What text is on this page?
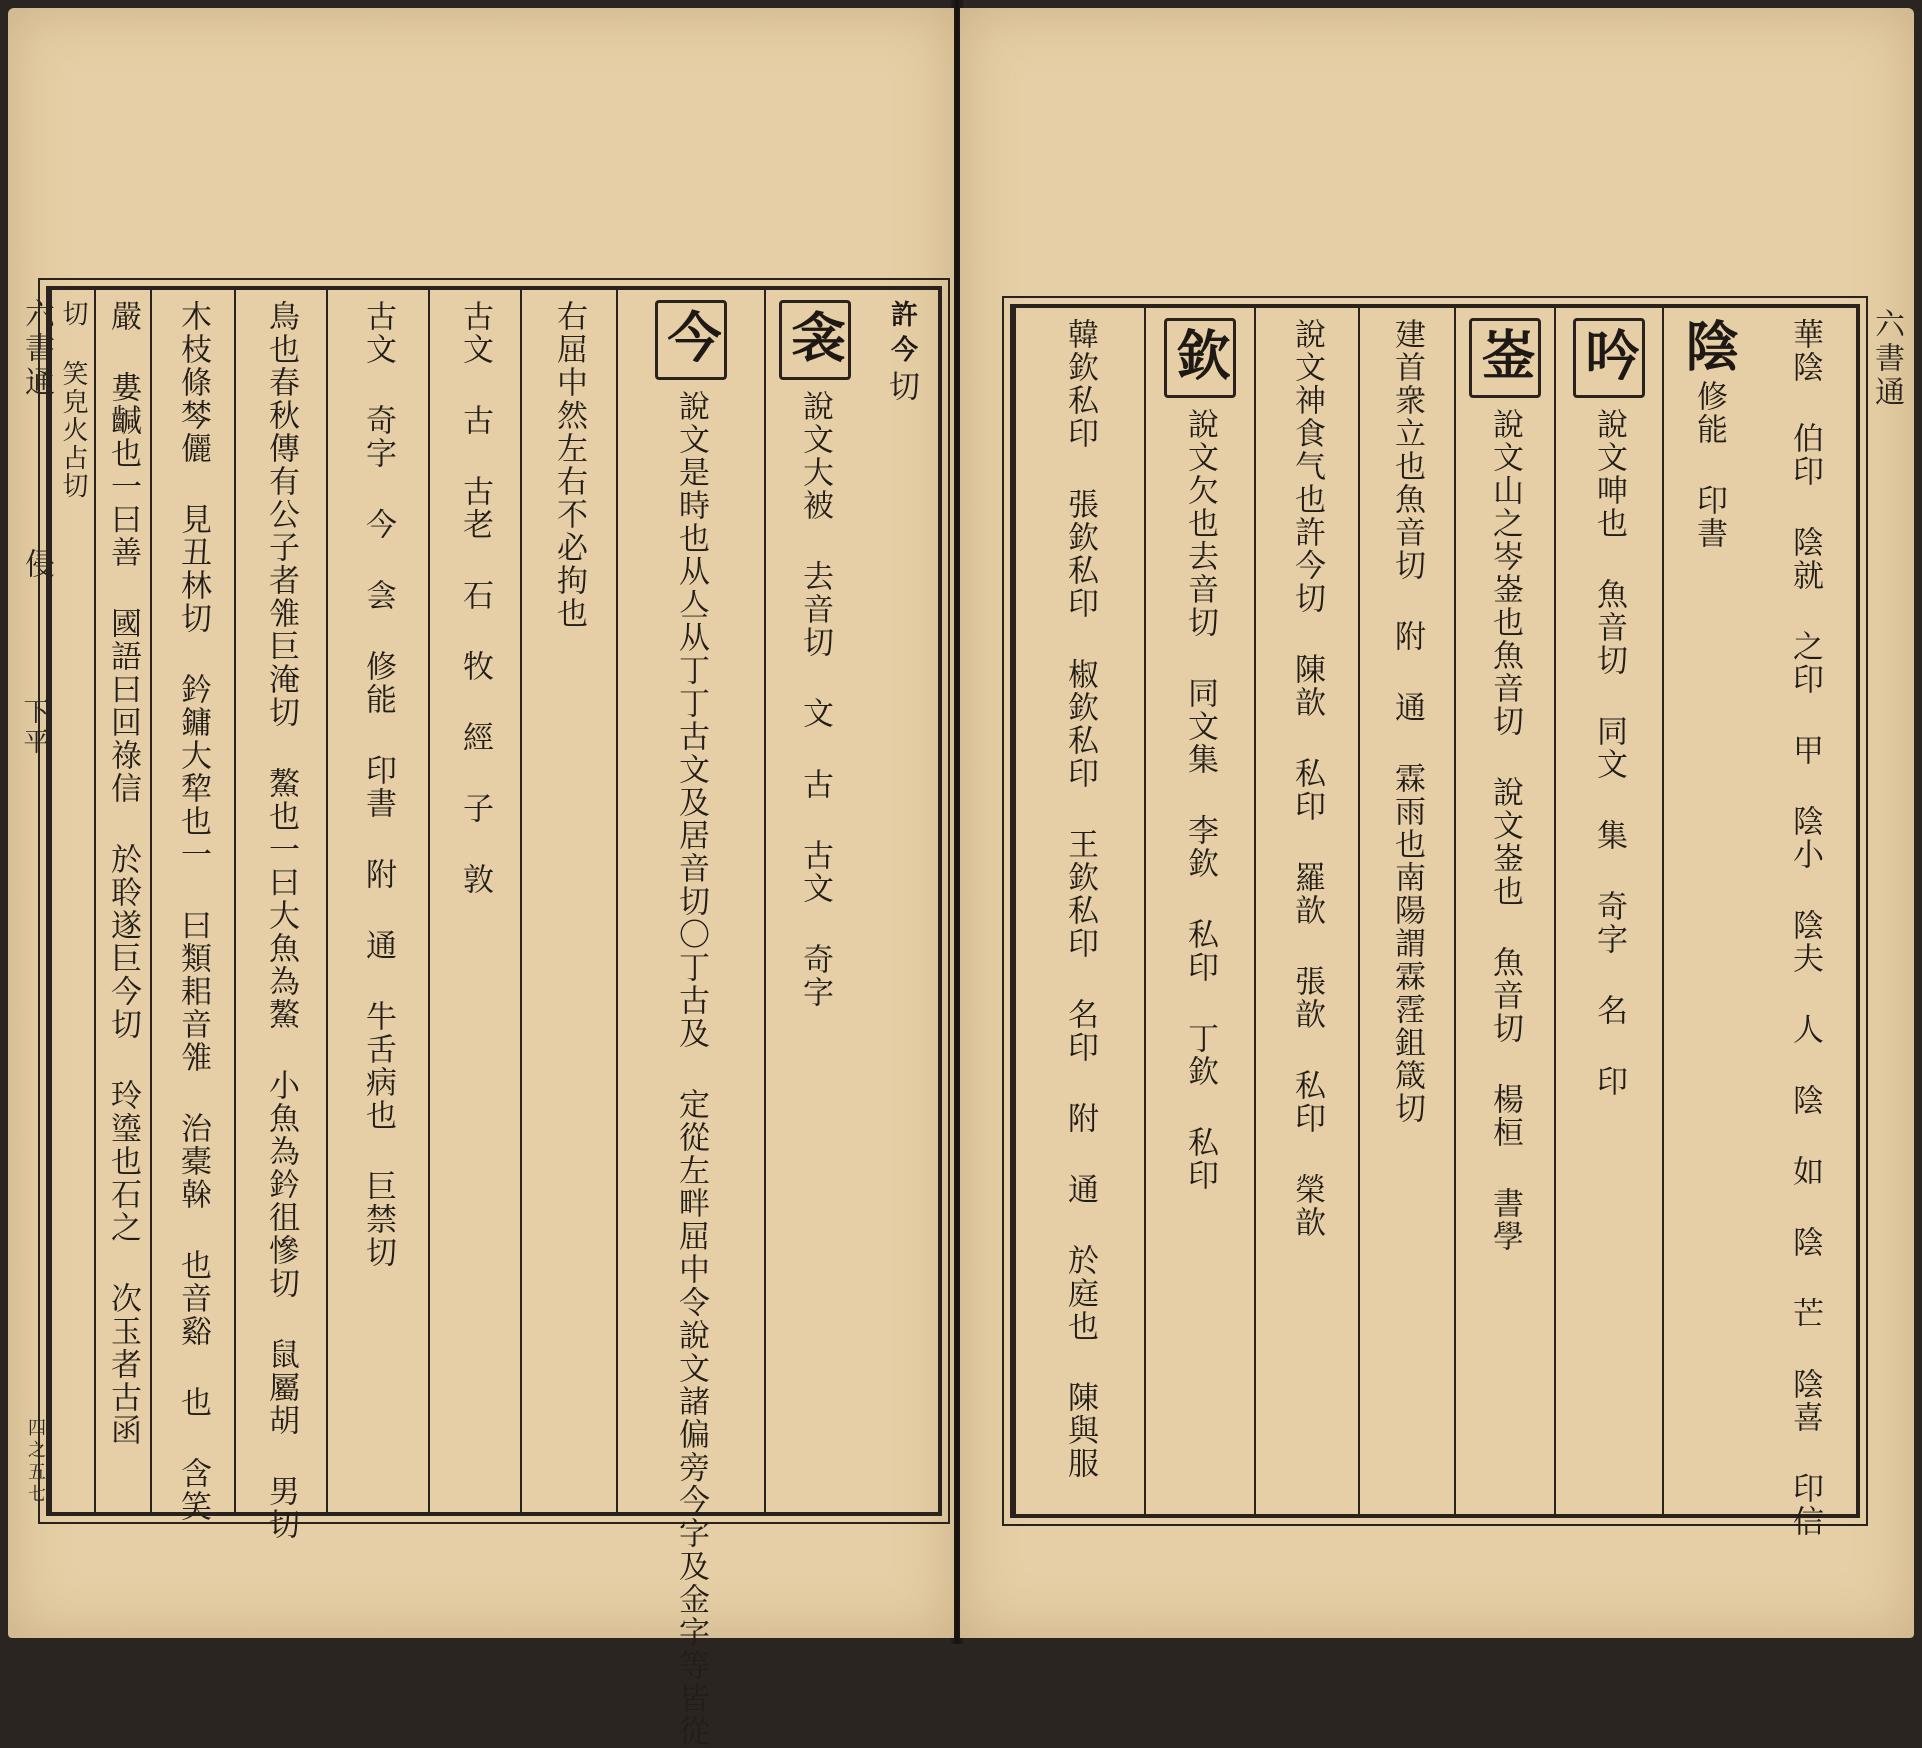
六書通
侵
下平
四之五七
許今
切
衾
說文大被 去音切 文 古 古文 奇字
今
說文是時也从亼从丁丁古文及居音切〇丁古及 定從左畔屈中令說文諸偏旁今字及金字等皆從
右屈中然左右不必拘也
古文 古 古老 石 牧 經 子 敦
古文 奇字 今 侌 修能 印書 附 通 牛舌病也 巨禁切
鳥也春秋傳有公子者雂巨淹切 鰲也一曰大魚為鰲 小魚為鈐徂慘切 鼠屬胡 男切
木枝條棽儷 見丑林切 鈐鏞大犂也一 曰類耜音雂 治橐榦 也音谿 也 含笑
嚴 婁䶢也一曰善 國語曰回祿信 於聆遂巨今切 玲瑬也石之 次玉者古函
切 笑皃火占切	六書通
華陰 伯印 陰就 之印 甲 陰小 陰夫 人 陰 如 陰 芒 陰喜 印信
陰
修能 印書
吟
說文呻也 魚音切 同文 集 奇字 名 印
崟
說文山之岑崟也魚音切 說文崟也 魚音切 楊桓 書學
建首衆立也魚音切 附 通 霖雨也南陽謂霖䨙鉏箴切
說文神食气也許今切 陳歆 私印 羅歆 張歆 私印 榮歆
欽
說文欠也去音切 同文集 李欽 私印 丁欽 私印
韓欽私印 張欽私印 椒欽私印 王欽私印 名印 附 通 於庭也 陳與服
